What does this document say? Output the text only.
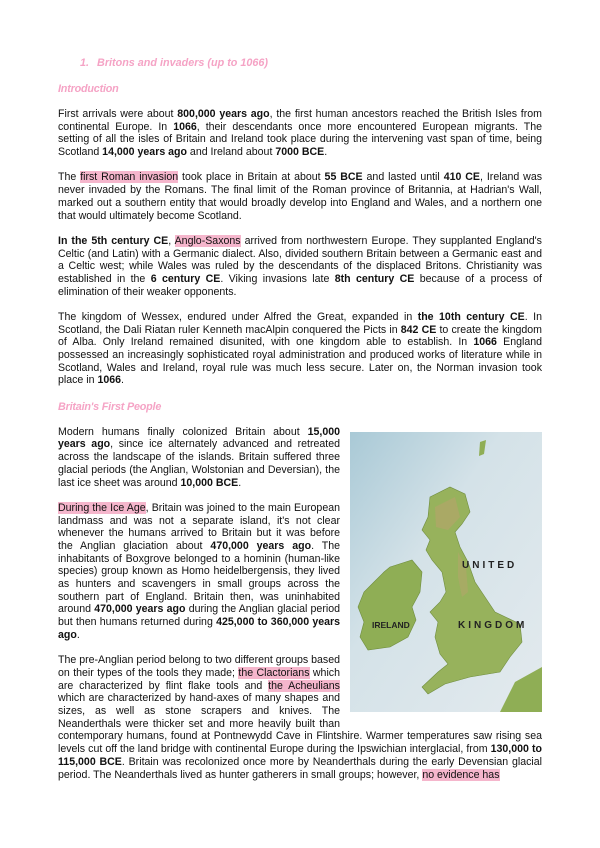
1. Britons and invaders (up to 1066)
Introduction

First arrivals were about 800,000 years ago, the first human ancestors reached the British Isles from continental Europe. In 1066, their descendants once more encountered European migrants. The setting of all the isles of Britain and Ireland took place during the intervening vast span of time, being Scotland 14,000 years ago and Ireland about 7000 BCE.

The first Roman invasion took place in Britain at about 55 BCE and lasted until 410 CE, Ireland was never invaded by the Romans. The final limit of the Roman province of Britannia, at Hadrian's Wall, marked out a southern entity that would broadly develop into England and Wales, and a northern one that would ultimately become Scotland.

In the 5th century CE, Anglo-Saxons arrived from northwestern Europe. They supplanted England's Celtic (and Latin) with a Germanic dialect. Also, divided southern Britain between a Germanic east and a Celtic west; while Wales was ruled by the descendants of the displaced Britons. Christianity was established in the 6 century CE. Viking invasions late 8th century CE because of a process of elimination of their weaker opponents.

The kingdom of Wessex, endured under Alfred the Great, expanded in the 10th century CE. In Scotland, the Dali Riatan ruler Kenneth macAlpin conquered the Picts in 842 CE to create the kingdom of Alba. Only Ireland remained disunited, with one kingdom able to establish. In 1066 England possessed an increasingly sophisticated royal administration and produced works of literature while in Scotland, Wales and Ireland, royal rule was much less secure. Later on, the Norman invasion took place in 1066.

Britain's First People
UNITED
KINGDOM
IRELAND

Modern humans finally colonized Britain about 15,000 years ago, since ice alternately advanced and retreated across the landscape of the islands. Britain suffered three glacial periods (the Anglian, Wolstonian and Deversian), the last ice sheet was around 10,000 BCE.

During the Ice Age, Britain was joined to the main European landmass and was not a separate island, it's not clear whenever the humans arrived to Britain but it was before the Anglian glaciation about 470,000 years ago. The inhabitants of Boxgrove belonged to a hominin (human-like species) group known as Homo heidelbergensis, they lived as hunters and scavengers in small groups across the southern part of England. Britain then, was uninhabited around 470,000 years ago during the Anglian glacial period but then humans returned during 425,000 to 360,000 years ago.

The pre-Anglian period belong to two different groups based on their types of the tools they made; the Clactorians which are characterized by flint flake tools and the Acheulians which are characterized by hand-axes of many shapes and sizes, as well as stone scrapers and knives. The Neanderthals were thicker set and more heavily built than contemporary humans, found at Pontnewydd Cave in Flintshire. Warmer temperatures saw rising sea levels cut off the land bridge with continental Europe during the Ipswichian interglacial, from 130,000 to 115,000 BCE. Britain was recolonized once more by Neanderthals during the early Devensian glacial period. The Neanderthals lived as hunter gatherers in small groups; however, no evidence has
